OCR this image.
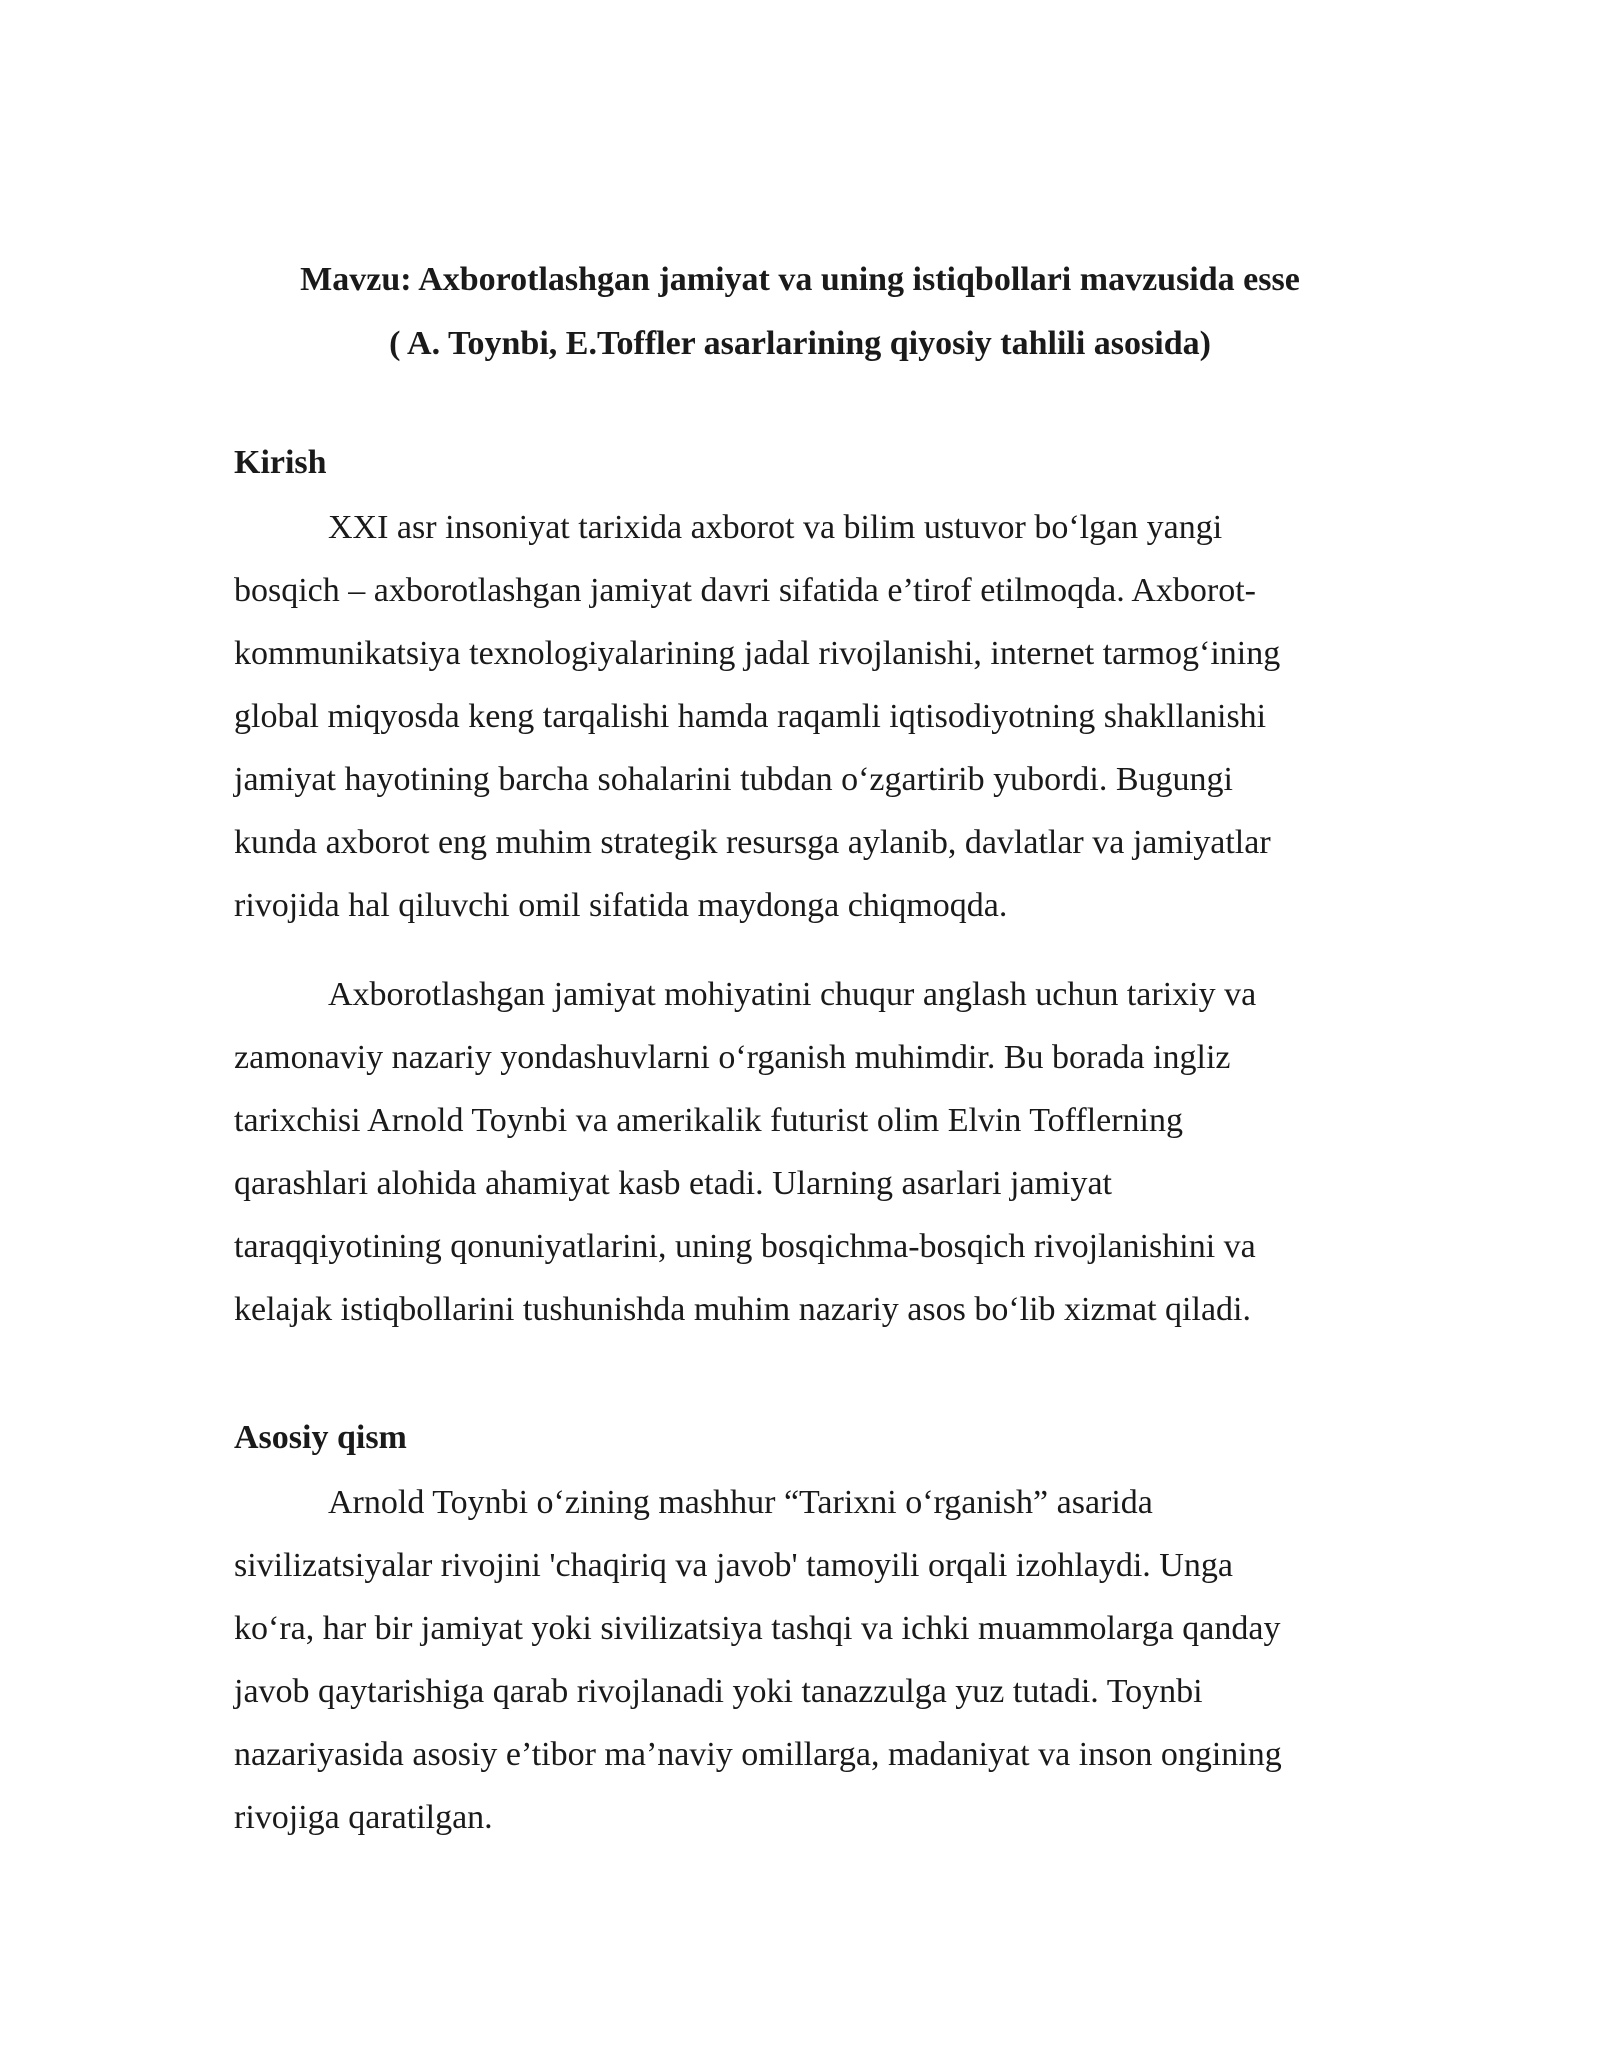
Mavzu: Axborotlashgan jamiyat va uning istiqbollari mavzusida esse
( A. Toynbi, E.Toffler asarlarining qiyosiy tahlili asosida)
Kirish
XXI asr insoniyat tarixida axborot va bilim ustuvor bo‘lgan yangi
bosqich – axborotlashgan jamiyat davri sifatida e’tirof etilmoqda. Axborot-
kommunikatsiya texnologiyalarining jadal rivojlanishi, internet tarmog‘ining
global miqyosda keng tarqalishi hamda raqamli iqtisodiyotning shakllanishi
jamiyat hayotining barcha sohalarini tubdan o‘zgartirib yubordi. Bugungi
kunda axborot eng muhim strategik resursga aylanib, davlatlar va jamiyatlar
rivojida hal qiluvchi omil sifatida maydonga chiqmoqda.
Axborotlashgan jamiyat mohiyatini chuqur anglash uchun tarixiy va
zamonaviy nazariy yondashuvlarni o‘rganish muhimdir. Bu borada ingliz
tarixchisi Arnold Toynbi va amerikalik futurist olim Elvin Tofflerning
qarashlari alohida ahamiyat kasb etadi. Ularning asarlari jamiyat
taraqqiyotining qonuniyatlarini, uning bosqichma-bosqich rivojlanishini va
kelajak istiqbollarini tushunishda muhim nazariy asos bo‘lib xizmat qiladi.
Asosiy qism
Arnold Toynbi o‘zining mashhur “Tarixni o‘rganish” asarida
sivilizatsiyalar rivojini 'chaqiriq va javob' tamoyili orqali izohlaydi. Unga
ko‘ra, har bir jamiyat yoki sivilizatsiya tashqi va ichki muammolarga qanday
javob qaytarishiga qarab rivojlanadi yoki tanazzulga yuz tutadi. Toynbi
nazariyasida asosiy e’tibor ma’naviy omillarga, madaniyat va inson ongining
rivojiga qaratilgan.
